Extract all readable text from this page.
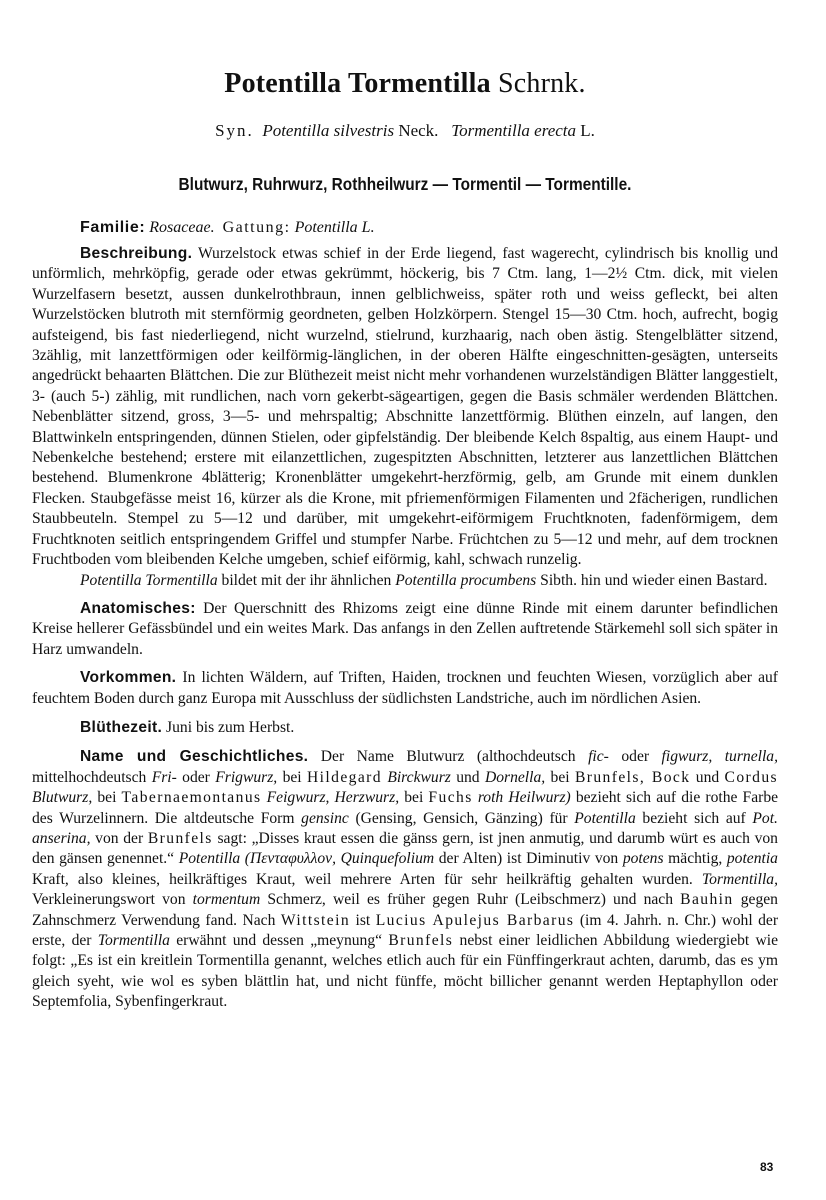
Potentilla Tormentilla Schrnk.
Syn. Potentilla silvestris Neck. Tormentilla erecta L.
Blutwurz, Ruhrwurz, Rothheilwurz — Tormentil — Tormentille.
Familie: Rosaceae. Gattung: Potentilla L.

Beschreibung. Wurzelstock etwas schief in der Erde liegend, fast wagerecht, cylindrisch bis knollig und unförmlich, mehrköpfig, gerade oder etwas gekrümmt, höckerig, bis 7 Ctm. lang, 1—2½ Ctm. dick, mit vielen Wurzelfasern besetzt, aussen dunkelrothbraun, innen gelblichweiss, später roth und weiss gefleckt, bei alten Wurzelstöcken blutroth mit sternförmig geordneten, gelben Holzkörpern. Stengel 15—30 Ctm. hoch, aufrecht, bogig aufsteigend, bis fast niederliegend, nicht wurzelnd, stielrund, kurzhaarig, nach oben ästig. Stengelblätter sitzend, 3zählig, mit lanzettförmigen oder keilförmig-länglichen, in der oberen Hälfte eingeschnitten-gesägten, unterseits angedrückt behaarten Blättchen. Die zur Blüthezeit meist nicht mehr vorhandenen wurzelständigen Blätter langgestielt, 3- (auch 5-) zählig, mit rundlichen, nach vorn gekerbt-sägeartigen, gegen die Basis schmäler werdenden Blättchen. Nebenblätter sitzend, gross, 3—5- und mehrspaltig; Abschnitte lanzettförmig. Blüthen einzeln, auf langen, den Blattwinkeln entspringenden, dünnen Stielen, oder gipfelständig. Der bleibende Kelch 8spaltig, aus einem Haupt- und Nebenkelche bestehend; erstere mit eilanzettlichen, zugespitzten Abschnitten, letzterer aus lanzettlichen Blättchen bestehend. Blumenkrone 4blätterig; Kronenblätter umgekehrt-herzförmig, gelb, am Grunde mit einem dunklen Flecken. Staubgefässe meist 16, kürzer als die Krone, mit pfriemenförmigen Filamenten und 2fächerigen, rundlichen Staubbeuteln. Stempel zu 5—12 und darüber, mit umgekehrt-eiförmigem Fruchtknoten, fadenförmigem, dem Fruchtknoten seitlich entspringendem Griffel und stumpfer Narbe. Früchtchen zu 5—12 und mehr, auf dem trocknen Fruchtboden vom bleibenden Kelche umgeben, schief eiförmig, kahl, schwach runzelig.

Potentilla Tormentilla bildet mit der ihr ähnlichen Potentilla procumbens Sibth. hin und wieder einen Bastard.

Anatomisches: Der Querschnitt des Rhizoms zeigt eine dünne Rinde mit einem darunter befindlichen Kreise hellerer Gefässbündel und ein weites Mark. Das anfangs in den Zellen auftretende Stärkemehl soll sich später in Harz umwandeln.

Vorkommen. In lichten Wäldern, auf Triften, Haiden, trocknen und feuchten Wiesen, vorzüglich aber auf feuchtem Boden durch ganz Europa mit Ausschluss der südlichsten Landstriche, auch im nördlichen Asien.

Blüthezeit. Juni bis zum Herbst.

Name und Geschichtliches. Der Name Blutwurz (althochdeutsch fic- oder figwurz, turnella, mittelhochdeutsch Fri- oder Frigwurz, bei Hildegard Birckwurz und Dornella, bei Brunfels, Bock und Cordus Blutwurz, bei Tabernaemontanus Feigwurz, Herzwurz, bei Fuchs roth Heilwurz) bezieht sich auf die rothe Farbe des Wurzelinnern. Die altdeutsche Form gensinc (Gensing, Gensich, Gänzing) für Potentilla bezieht sich auf Pot. anserina, von der Brunfels sagt: „Disses kraut essen die gänss gern, ist jnen anmutig, und darumb würt es auch von den gänsen genennet.“ Potentilla (Πενταφυλλον, Quinquefolium der Alten) ist Diminutiv von potens mächtig, potentia Kraft, also kleines, heilkräftiges Kraut, weil mehrere Arten für sehr heilkräftig gehalten wurden. Tormentilla, Verkleinerungswort von tormentum Schmerz, weil es früher gegen Ruhr (Leibschmerz) und nach Bauhin gegen Zahnschmerz Verwendung fand. Nach Wittstein ist Lucius Apulejus Barbarus (im 4. Jahrh. n. Chr.) wohl der erste, der Tormentilla erwähnt und dessen „meynung“ Brunfels nebst einer leidlichen Abbildung wiedergiebt wie folgt: „Es ist ein kreitlein Tormentilla genannt, welches etlich auch für ein Fünffingerkraut achten, darumb, das es ym gleich syeht, wie wol es syben blättlin hat, und nicht fünffe, möcht billicher genannt werden Heptaphyllon oder Septemfolia, Sybenfingerkraut.

83
